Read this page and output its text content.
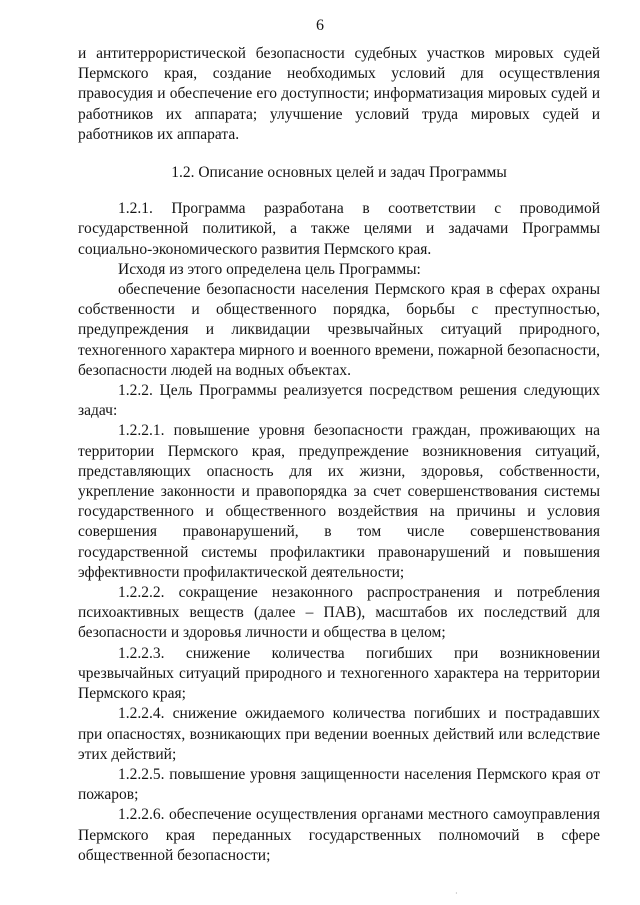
6

и антитеррористической безопасности судебных участков мировых судей Пермского края, создание необходимых условий для осуществления правосудия и обеспечение его доступности; информатизация мировых судей и работников их аппарата; улучшение условий труда мировых судей и работников их аппарата.

1.2. Описание основных целей и задач Программы

1.2.1. Программа разработана в соответствии с проводимой государственной политикой, а также целями и задачами Программы социально-экономического развития Пермского края.

Исходя из этого определена цель Программы:

обеспечение безопасности населения Пермского края в сферах охраны собственности и общественного порядка, борьбы с преступностью, предупреждения и ликвидации чрезвычайных ситуаций природного, техногенного характера мирного и военного времени, пожарной безопасности, безопасности людей на водных объектах.

1.2.2. Цель Программы реализуется посредством решения следующих задач:

1.2.2.1. повышение уровня безопасности граждан, проживающих на территории Пермского края, предупреждение возникновения ситуаций, представляющих опасность для их жизни, здоровья, собственности, укрепление законности и правопорядка за счет совершенствования системы государственного и общественного воздействия на причины и условия совершения правонарушений, в том числе совершенствования государственной системы профилактики правонарушений и повышения эффективности профилактической деятельности;

1.2.2.2. сокращение незаконного распространения и потребления психоактивных веществ (далее – ПАВ), масштабов их последствий для безопасности и здоровья личности и общества в целом;

1.2.2.3. снижение количества погибших при возникновении чрезвычайных ситуаций природного и техногенного характера на территории Пермского края;

1.2.2.4. снижение ожидаемого количества погибших и пострадавших при опасностях, возникающих при ведении военных действий или вследствие этих действий;

1.2.2.5. повышение уровня защищенности населения Пермского края от пожаров;

1.2.2.6. обеспечение осуществления органами местного самоуправления Пермского края переданных государственных полномочий в сфере общественной безопасности;

·
